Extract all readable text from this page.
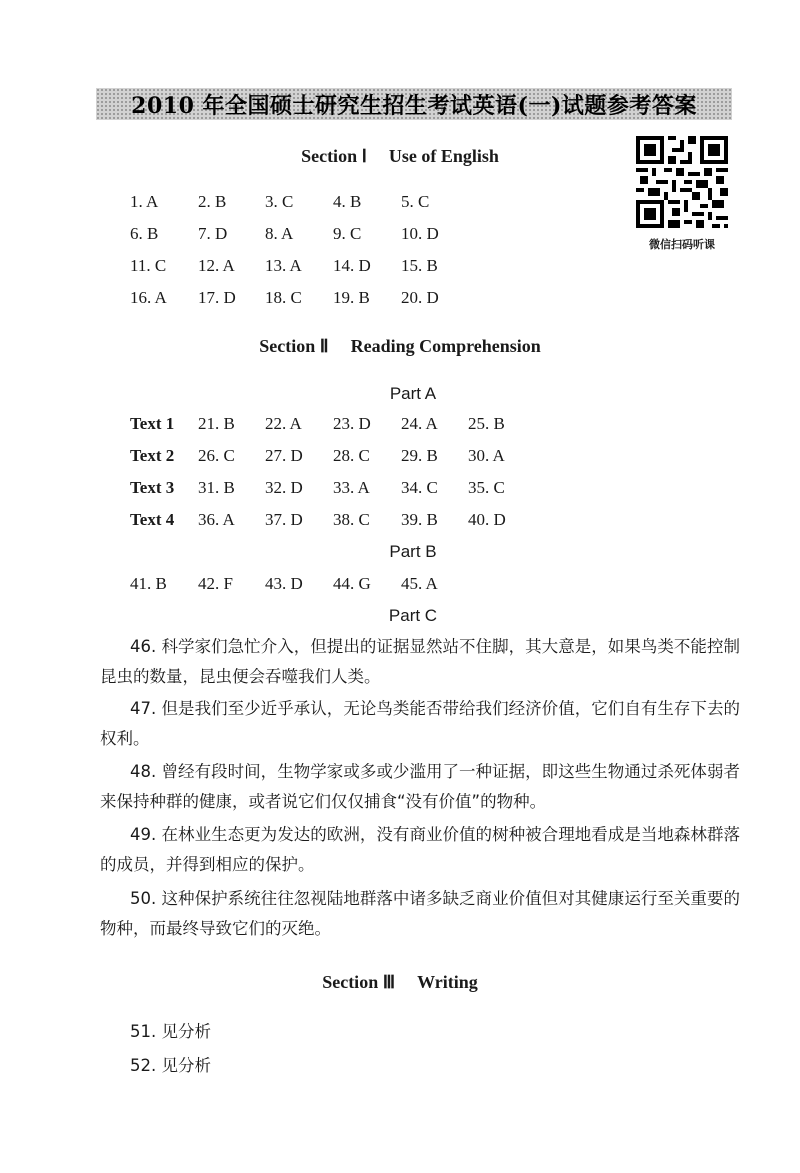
2010 年全国硕士研究生招生考试英语(一)试题参考答案
Section Ⅰ Use of English
微信扫码听课
1. A 2. B 3. C 4. B 5. C
6. B 7. D 8. A 9. C 10. D
11. C 12. A 13. A 14. D 15. B
16. A 17. D 18. C 19. B 20. D
Section Ⅱ Reading Comprehension
Part A
Text 1	21. B 22. A 23. D 24. A 25. B
Text 2	26. C 27. D 28. C 29. B 30. A
Text 3	31. B 32. D 33. A 34. C 35. C
Text 4	36. A 37. D 38. C 39. B 40. D
Part B
41. B 42. F 43. D 44. G 45. A
Part C

46. 科学家们急忙介入，但提出的证据显然站不住脚，其大意是，如果鸟类不能控制昆虫的数量，昆虫便会吞噬我们人类。

47. 但是我们至少近乎承认，无论鸟类能否带给我们经济价值，它们自有生存下去的权利。

48. 曾经有段时间，生物学家或多或少滥用了一种证据，即这些生物通过杀死体弱者来保持种群的健康，或者说它们仅仅捕食“没有价值”的物种。

49. 在林业生态更为发达的欧洲，没有商业价值的树种被合理地看成是当地森林群落的成员，并得到相应的保护。

50. 这种保护系统往往忽视陆地群落中诸多缺乏商业价值但对其健康运行至关重要的物种，而最终导致它们的灭绝。

Section Ⅲ Writing
51. 见分析
52. 见分析
